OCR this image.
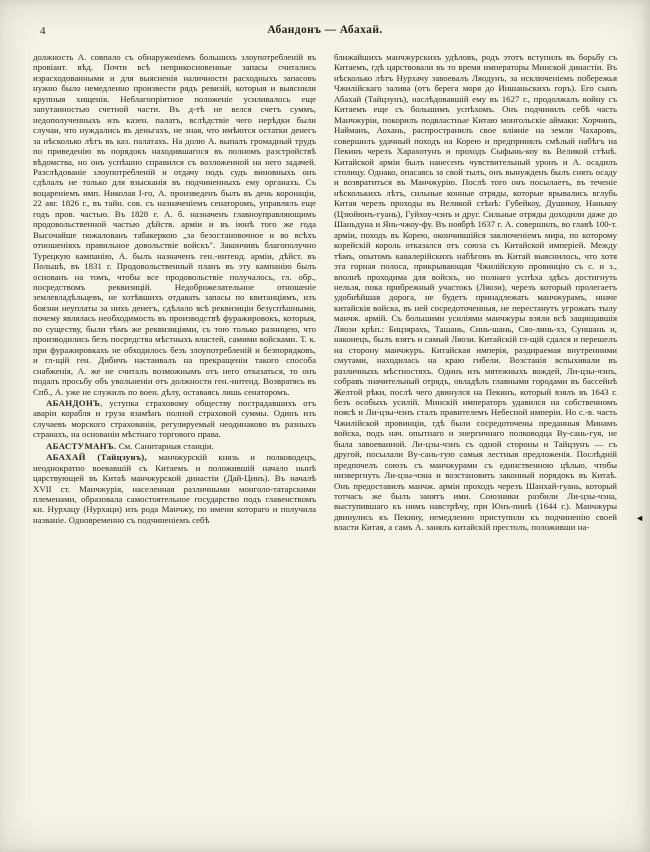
4	Абандонъ — Абахай.

должность А. совпало съ обнаруженіемъ большихъ злоупотребленій въ провіант. вѣд. Почти всѣ неприкосновенные запасы считались израсходованными и для выясненія наличности расходныхъ запасовъ нужно было немедленно произвести рядъ ревизій, которыя и выяснили крупныя хищенія. Неблагопріятное положеніе усиливалось еще запутанностью счетной части. Въ д-тѣ не велся счетъ суммъ, недополученныхъ изъ казен. палатъ, вслѣдствіе чего нерѣдки были случаи, что нуждались въ деньгахъ, не зная, что имѣются остатки денегъ за нѣсколько лѣтъ въ каз. палатахъ. На долю А. выпалъ громадный трудъ по приведенію въ порядокъ находившагося въ полномъ разстройствѣ вѣдомства, но онъ успѣшно справился съ возложенной на него задачей. Разслѣдованіе злоупотребленій и отдачу подъ судъ виновныхъ онъ сдѣлалъ не только для взысканія въ подчиненныхъ ему органахъ. Съ воцареніемъ имп. Николая I-го, А. произведенъ былъ въ день коронаціи, 22 авг. 1826 г., въ тайн. сов. съ назначеніемъ сенаторомъ, управлялъ еще годъ пров. частью. Въ 1828 г. А. б. назначенъ главноуправляющимъ продовольственной частью дѣйств. арміи и въ іюнѣ того же года Высочайше пожалованъ табакеркою „за безостановочное и во всѣхъ отношеніяхъ правильное довольствіе войскъ". Закончивъ благополучно Турецкую кампанію, А. былъ назначенъ ген.-интенд. арміи, дѣйст. въ Польшѣ, въ 1831 г. Продовольственный планъ въ эту кампанію былъ основанъ на томъ, чтобы все продовольствіе получалось, гл. обр., посредствомъ реквизицій. Недоброжелательное отношеніе землевладѣльцевъ, не хотѣвшихъ отдавать запасы по квитанціямъ, изъ боязни неуплаты за нихъ денегъ, сдѣлало всѣ реквизиціи безуспѣшными, почему являлась необходимость въ производствѣ фуражировокъ, которыя, по существу, были тѣмъ же реквизиціями, съ тою только разницею, что производились безъ посредства мѣстныхъ властей, самими войсками. Т. к. при фуражировкахъ не обходилось безъ злоупотребленій и безпорядковъ, и гл-щій ген. Дибичъ настаивалъ на прекращеніи такого способа снабженія, А. же не считалъ возможнымъ отъ него отказаться, то онъ подалъ просьбу объ увольненіи отъ должности ген.-интенд. Возвратясь въ Спб., А. уже не служилъ по воен. дѣлу, оставаясь лишь сенаторомъ.

АБАНДОНЪ, уступка страховому обществу пострадавшихъ отъ аваріи корабля и груза взамѣнъ полной страховой суммы. Одинъ изъ случаевъ морского страхованія, регулируемый неодинаково въ разныхъ странахъ, на основаніи мѣстнаго торгового права.

АБАСТУМАНЪ. См. Санитарныя станціи.

АБАХАЙ (Тайцзунъ), манчжурскій князь и полководецъ, неоднократно воевавшій съ Китаемъ и положившій начало нынѣ царствующей въ Китаѣ манчжурской династіи (Дай-Цинъ). Въ началѣ XVII ст. Манчжурія, населенная различными монголо-татарскими племенами, образовала самостоятельное государство подъ главенствомъ кн. Нурхацу (Нурхаци) изъ рода Манчжу, по имени котораго и получила названіе. Одновременно съ подчиненіемъ себѣ

ближайшихъ манчжурскихъ удѣловъ, родъ этотъ вступилъ въ борьбу съ Китаемъ, гдѣ царствовали въ то время императоры Минской династіи. Въ нѣсколько лѣтъ Нурхачу завоевалъ Ляодунъ, за исключеніемъ побережья Чжилійскаго залива (отъ берега моря до Иншаньскихъ горъ). Его сынъ Абахай (Тайцзунъ), наслѣдовавшій ему въ 1627 г., продолжалъ войну съ Китаемъ еще съ большимъ успѣхомъ. Онъ подчинилъ себѣ часть Манчжуріи, покорилъ подвластные Китаю монгольскіе аймаки: Хорчинъ, Найманъ, Аохань, распространилъ свое вліяніе на земли Чахаровъ, совершилъ удачный походъ на Корею и предпринялъ смѣлый набѣгъ на Пекинъ черезъ Харахотунъ и проходъ Сыфынь-коу въ Великой стѣнѣ. Китайской арміи былъ нанесенъ чувствительный уронъ и А. осадилъ столицу. Однако, опасаясь за свой тылъ, онъ вынужденъ былъ снять осаду и возвратиться въ Манчжурію. Послѣ того онъ посылаетъ, въ теченіе нѣсколькихъ лѣтъ, сильные конные отряды, которые врывались вглубь Китая черезъ проходы въ Великой стѣнѣ: Губейкоу, Душикоу, Нанькоу (Цзюйюнъ-гуань), Гуйхоу-чэнъ и друг. Сильные отряды доходили даже до Шаньдуна и Янь-чжоу-фу. Въ ноябрѣ 1637 г. А. совершилъ, во главѣ 100-т. арміи, походъ въ Корею, окончившійся заключеніемъ мира, по которому корейскій король отказался отъ союза съ Китайской имперіей. Между тѣмъ, опытомъ кавалерійскихъ набѣговъ въ Китай выяснилось, что хотя эта горная полоса, прикрывающая Чжилійскую провинцію съ с. и з., вполнѣ проходима для войскъ, но полнаго успѣха здѣсь достигнуть нельзя, пока прибрежный участокъ (Ляози), черезъ который пролегаетъ удобнѣйшая дорога, не будетъ принадлежать манчжурамъ, иначе китайскія войска, въ ней сосредоточенныя, не перестанутъ угрожать тылу манчж. армій. Съ большими усиліями манчжуры взяли всѣ защищавшія Ляози крѣп.: Бицзярахъ, Ташань, Синь-шань, Сяо-линь-хэ, Суншань и, наконецъ, былъ взятъ и самый Ляози. Китайскій гл-щій сдался и перешелъ на сторону манчжуръ. Китайская имперія, раздираемая внутренними смутами, находилась на краю гибели. Возстанія вспыхивали въ различныхъ мѣстностяхъ. Одинъ изъ мятежныхъ вождей, Ли-цзы-чэнъ, собравъ значительный отрядъ, овладѣлъ главными городами въ бассейнѣ Желтой рѣки, послѣ чего двинулся на Пекинъ, который взялъ въ 1643 г. безъ особыхъ усилій. Минскій императоръ удавился на собственномъ поясѣ и Ли-цзы-чэнъ сталъ правителемъ Небесной имперіи. Но с.-в. часть Чжилійской провинціи, гдѣ были сосредоточены преданныя Минамъ войска, подъ нач. опытнаго и энергичнаго полководца Ву-сань-гуя, не была завоеванной. Ли-цзы-чэнъ съ одной стороны и Тайцзунъ — съ другой, посылали Ву-сань-гую самыя лестныя предложенія. Послѣдній предпочелъ союзъ съ манчжурами съ единственною цѣлью, чтобы низвергнуть Ли-цзы-чэна и возстановить законный порядокъ въ Китаѣ. Онъ предоставилъ манчж. арміи проходъ черезъ Шанхай-гуань, который тотчасъ же былъ занятъ ими. Союзники разбили Ли-цзы-чэна, выступившаго къ нимъ навстрѣчу, при Юнъ-пинѣ (1644 г.). Манчжуры двинулись къ Пекину, немедленно приступили къ подчиненію своей власти Китая, а самъ А. занялъ китайскій престолъ, положивши на-

◄
